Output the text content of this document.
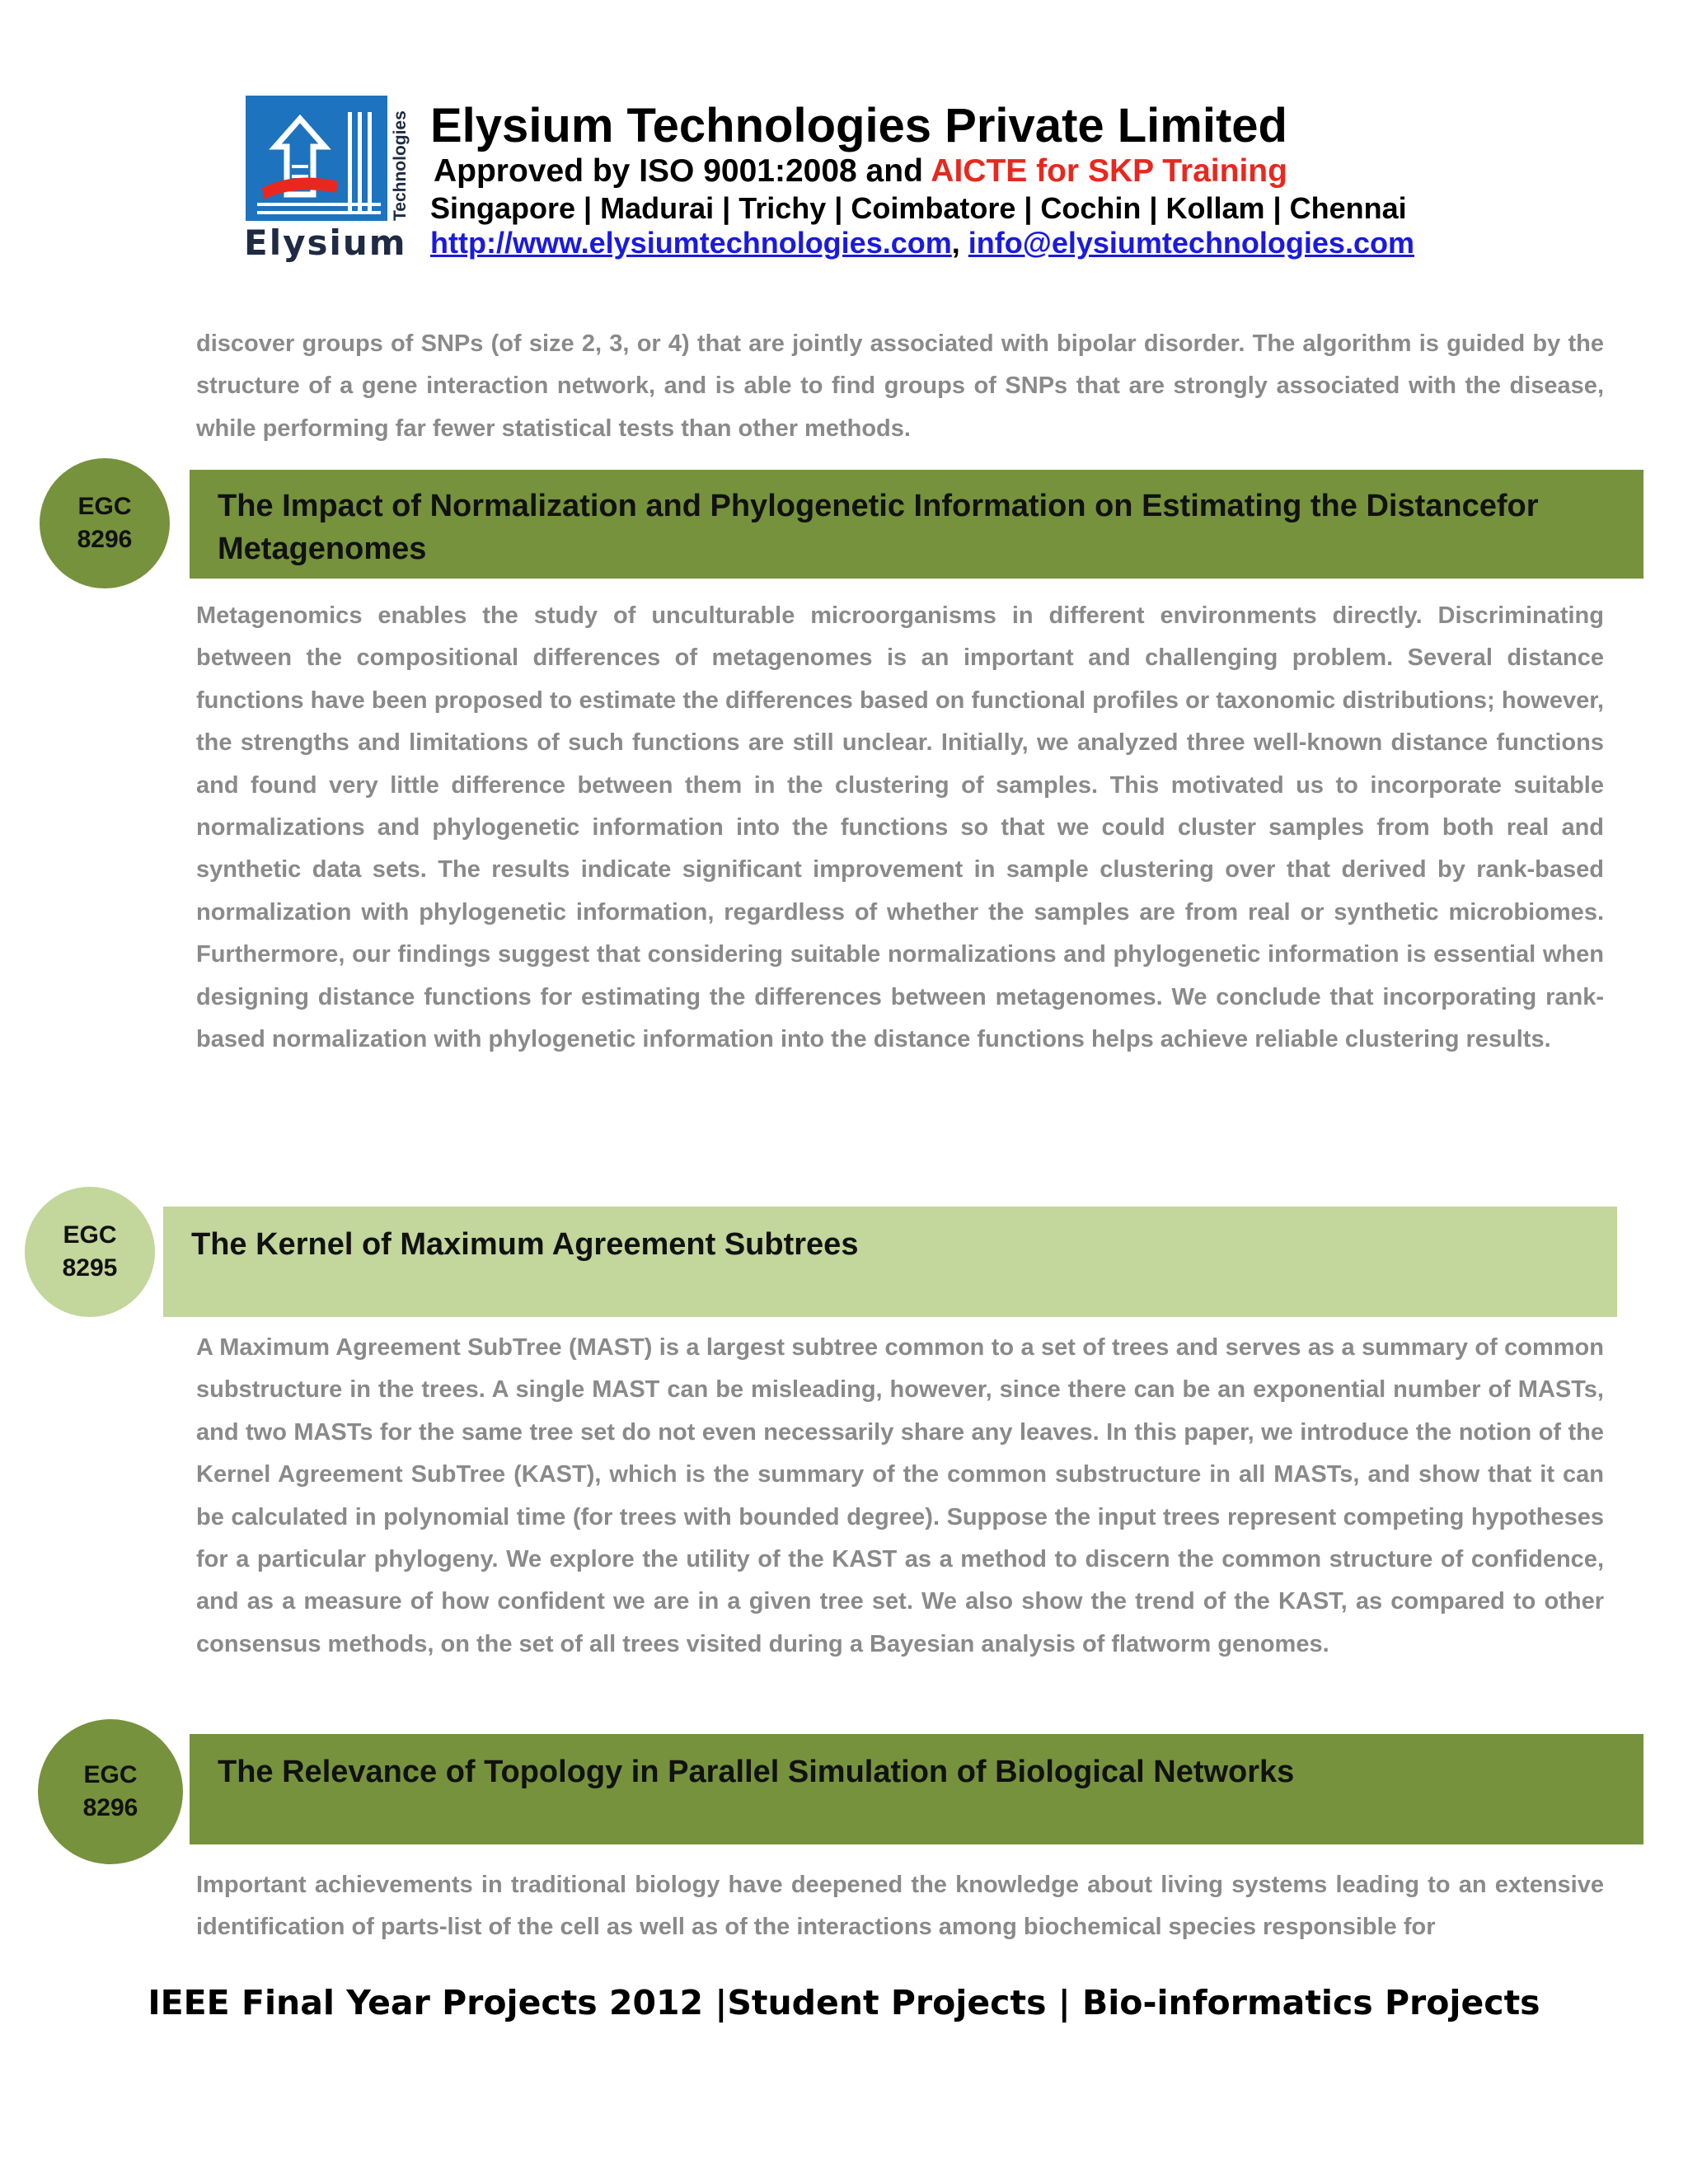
Technologies
Elysium
Elysium Technologies Private Limited
Approved by ISO 9001:2008 and AICTE for SKP Training
Singapore | Madurai | Trichy | Coimbatore | Cochin | Kollam | Chennai
http://www.elysiumtechnologies.com, info@elysiumtechnologies.com

discover groups of SNPs (of size 2, 3, or 4) that are jointly associated with bipolar disorder. The algorithm is guided by the structure of a gene interaction network, and is able to find groups of SNPs that are strongly associated with the disease, while performing far fewer statistical tests than other methods.

The Impact of Normalization and Phylogenetic Information on Estimating the Distancefor Metagenomes
EGC
8296

Metagenomics enables the study of unculturable microorganisms in different environments directly. Discriminating between the compositional differences of metagenomes is an important and challenging problem. Several distance functions have been proposed to estimate the differences based on functional profiles or taxonomic distributions; however, the strengths and limitations of such functions are still unclear. Initially, we analyzed three well-known distance functions and found very little difference between them in the clustering of samples. This motivated us to incorporate suitable normalizations and phylogenetic information into the functions so that we could cluster samples from both real and synthetic data sets. The results indicate significant improvement in sample clustering over that derived by rank-based normalization with phylogenetic information, regardless of whether the samples are from real or synthetic microbiomes. Furthermore, our findings suggest that considering suitable normalizations and phylogenetic information is essential when designing distance functions for estimating the differences between metagenomes. We conclude that incorporating rank-based normalization with phylogenetic information into the distance functions helps achieve reliable clustering results.

The Kernel of Maximum Agreement Subtrees
EGC
8295

A Maximum Agreement SubTree (MAST) is a largest subtree common to a set of trees and serves as a summary of common substructure in the trees. A single MAST can be misleading, however, since there can be an exponential number of MASTs, and two MASTs for the same tree set do not even necessarily share any leaves. In this paper, we introduce the notion of the Kernel Agreement SubTree (KAST), which is the summary of the common substructure in all MASTs, and show that it can be calculated in polynomial time (for trees with bounded degree). Suppose the input trees represent competing hypotheses for a particular phylogeny. We explore the utility of the KAST as a method to discern the common structure of confidence, and as a measure of how confident we are in a given tree set. We also show the trend of the KAST, as compared to other consensus methods, on the set of all trees visited during a Bayesian analysis of flatworm genomes.

The Relevance of Topology in Parallel Simulation of Biological Networks
EGC
8296

Important achievements in traditional biology have deepened the knowledge about living systems leading to an extensive identification of parts-list of the cell as well as of the interactions among biochemical species responsible for

IEEE Final Year Projects 2012 |Student Projects | Bio-informatics Projects
